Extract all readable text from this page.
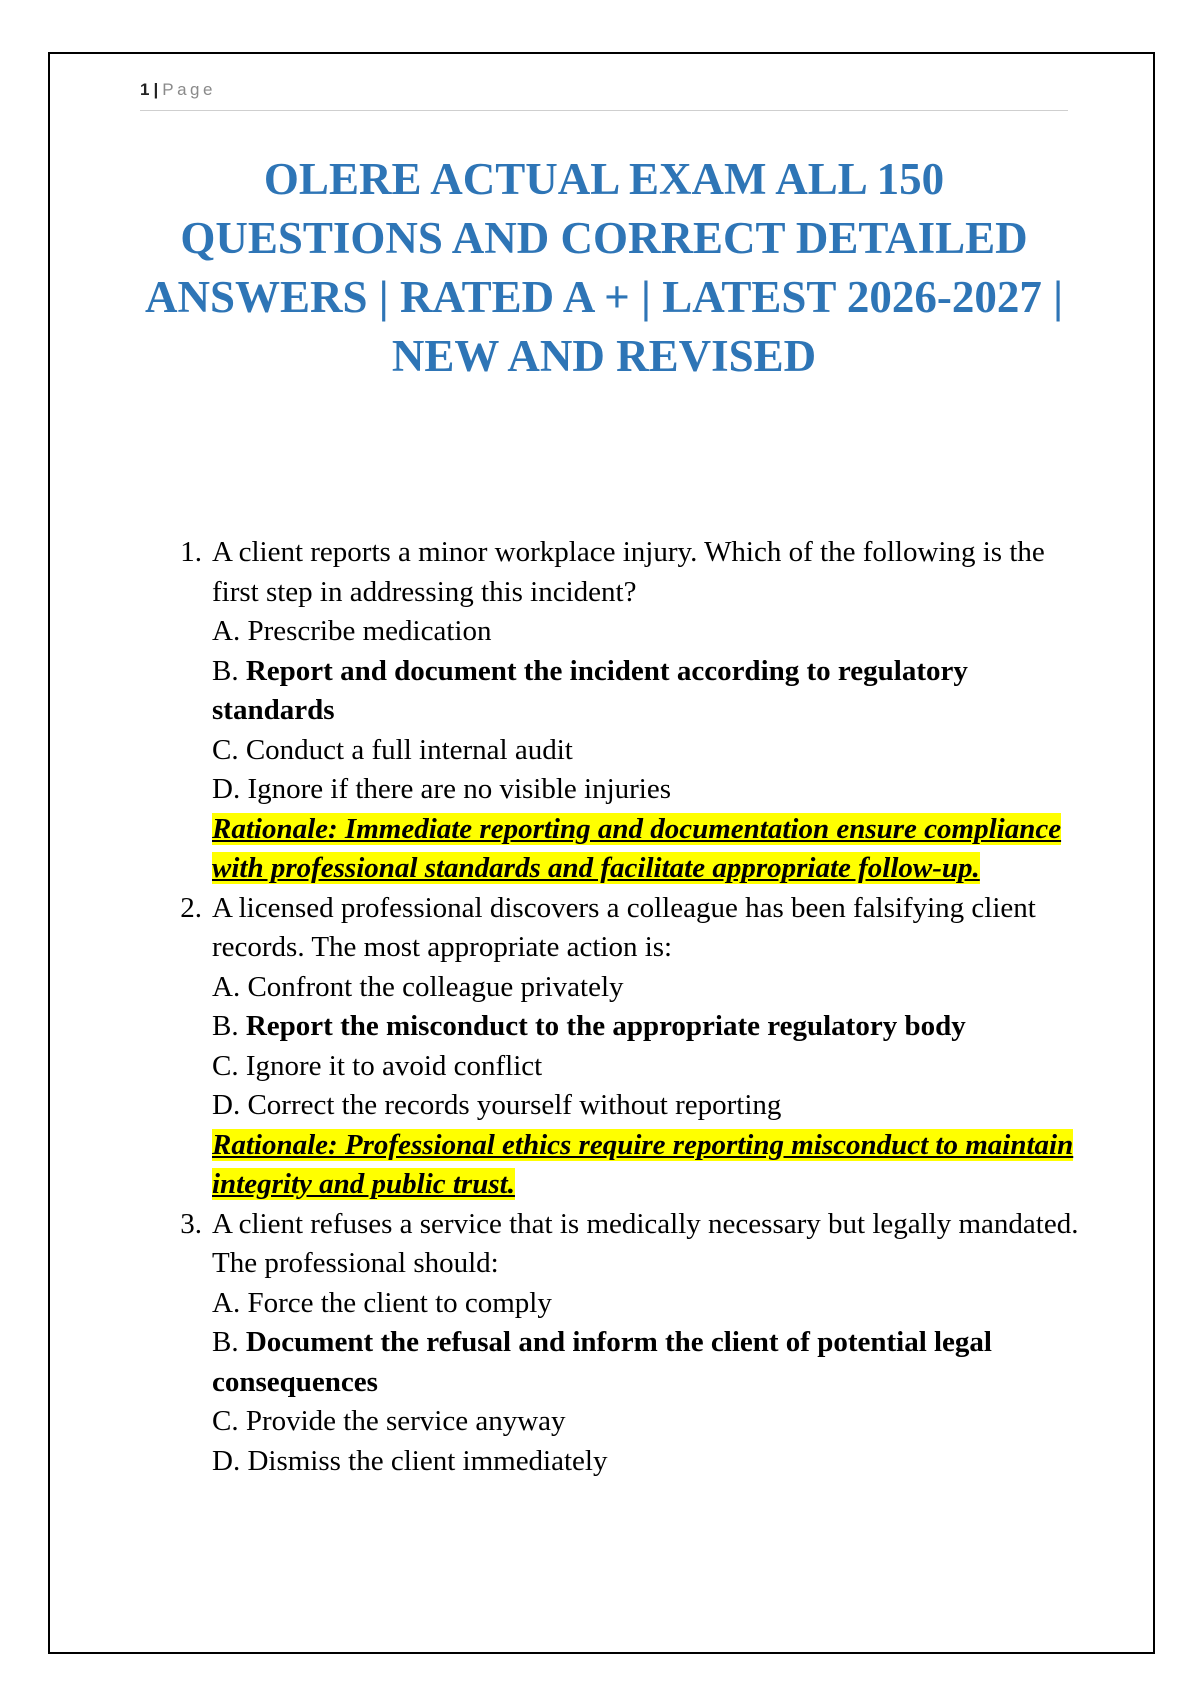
1 | Page
OLERE ACTUAL EXAM ALL 150 QUESTIONS AND CORRECT DETAILED ANSWERS | RATED A + | LATEST 2026-2027 | NEW AND REVISED
1. A client reports a minor workplace injury. Which of the following is the first step in addressing this incident?
A. Prescribe medication
B. Report and document the incident according to regulatory standards
C. Conduct a full internal audit
D. Ignore if there are no visible injuries
Rationale: Immediate reporting and documentation ensure compliance with professional standards and facilitate appropriate follow-up.
2. A licensed professional discovers a colleague has been falsifying client records. The most appropriate action is:
A. Confront the colleague privately
B. Report the misconduct to the appropriate regulatory body
C. Ignore it to avoid conflict
D. Correct the records yourself without reporting
Rationale: Professional ethics require reporting misconduct to maintain integrity and public trust.
3. A client refuses a service that is medically necessary but legally mandated. The professional should:
A. Force the client to comply
B. Document the refusal and inform the client of potential legal consequences
C. Provide the service anyway
D. Dismiss the client immediately
